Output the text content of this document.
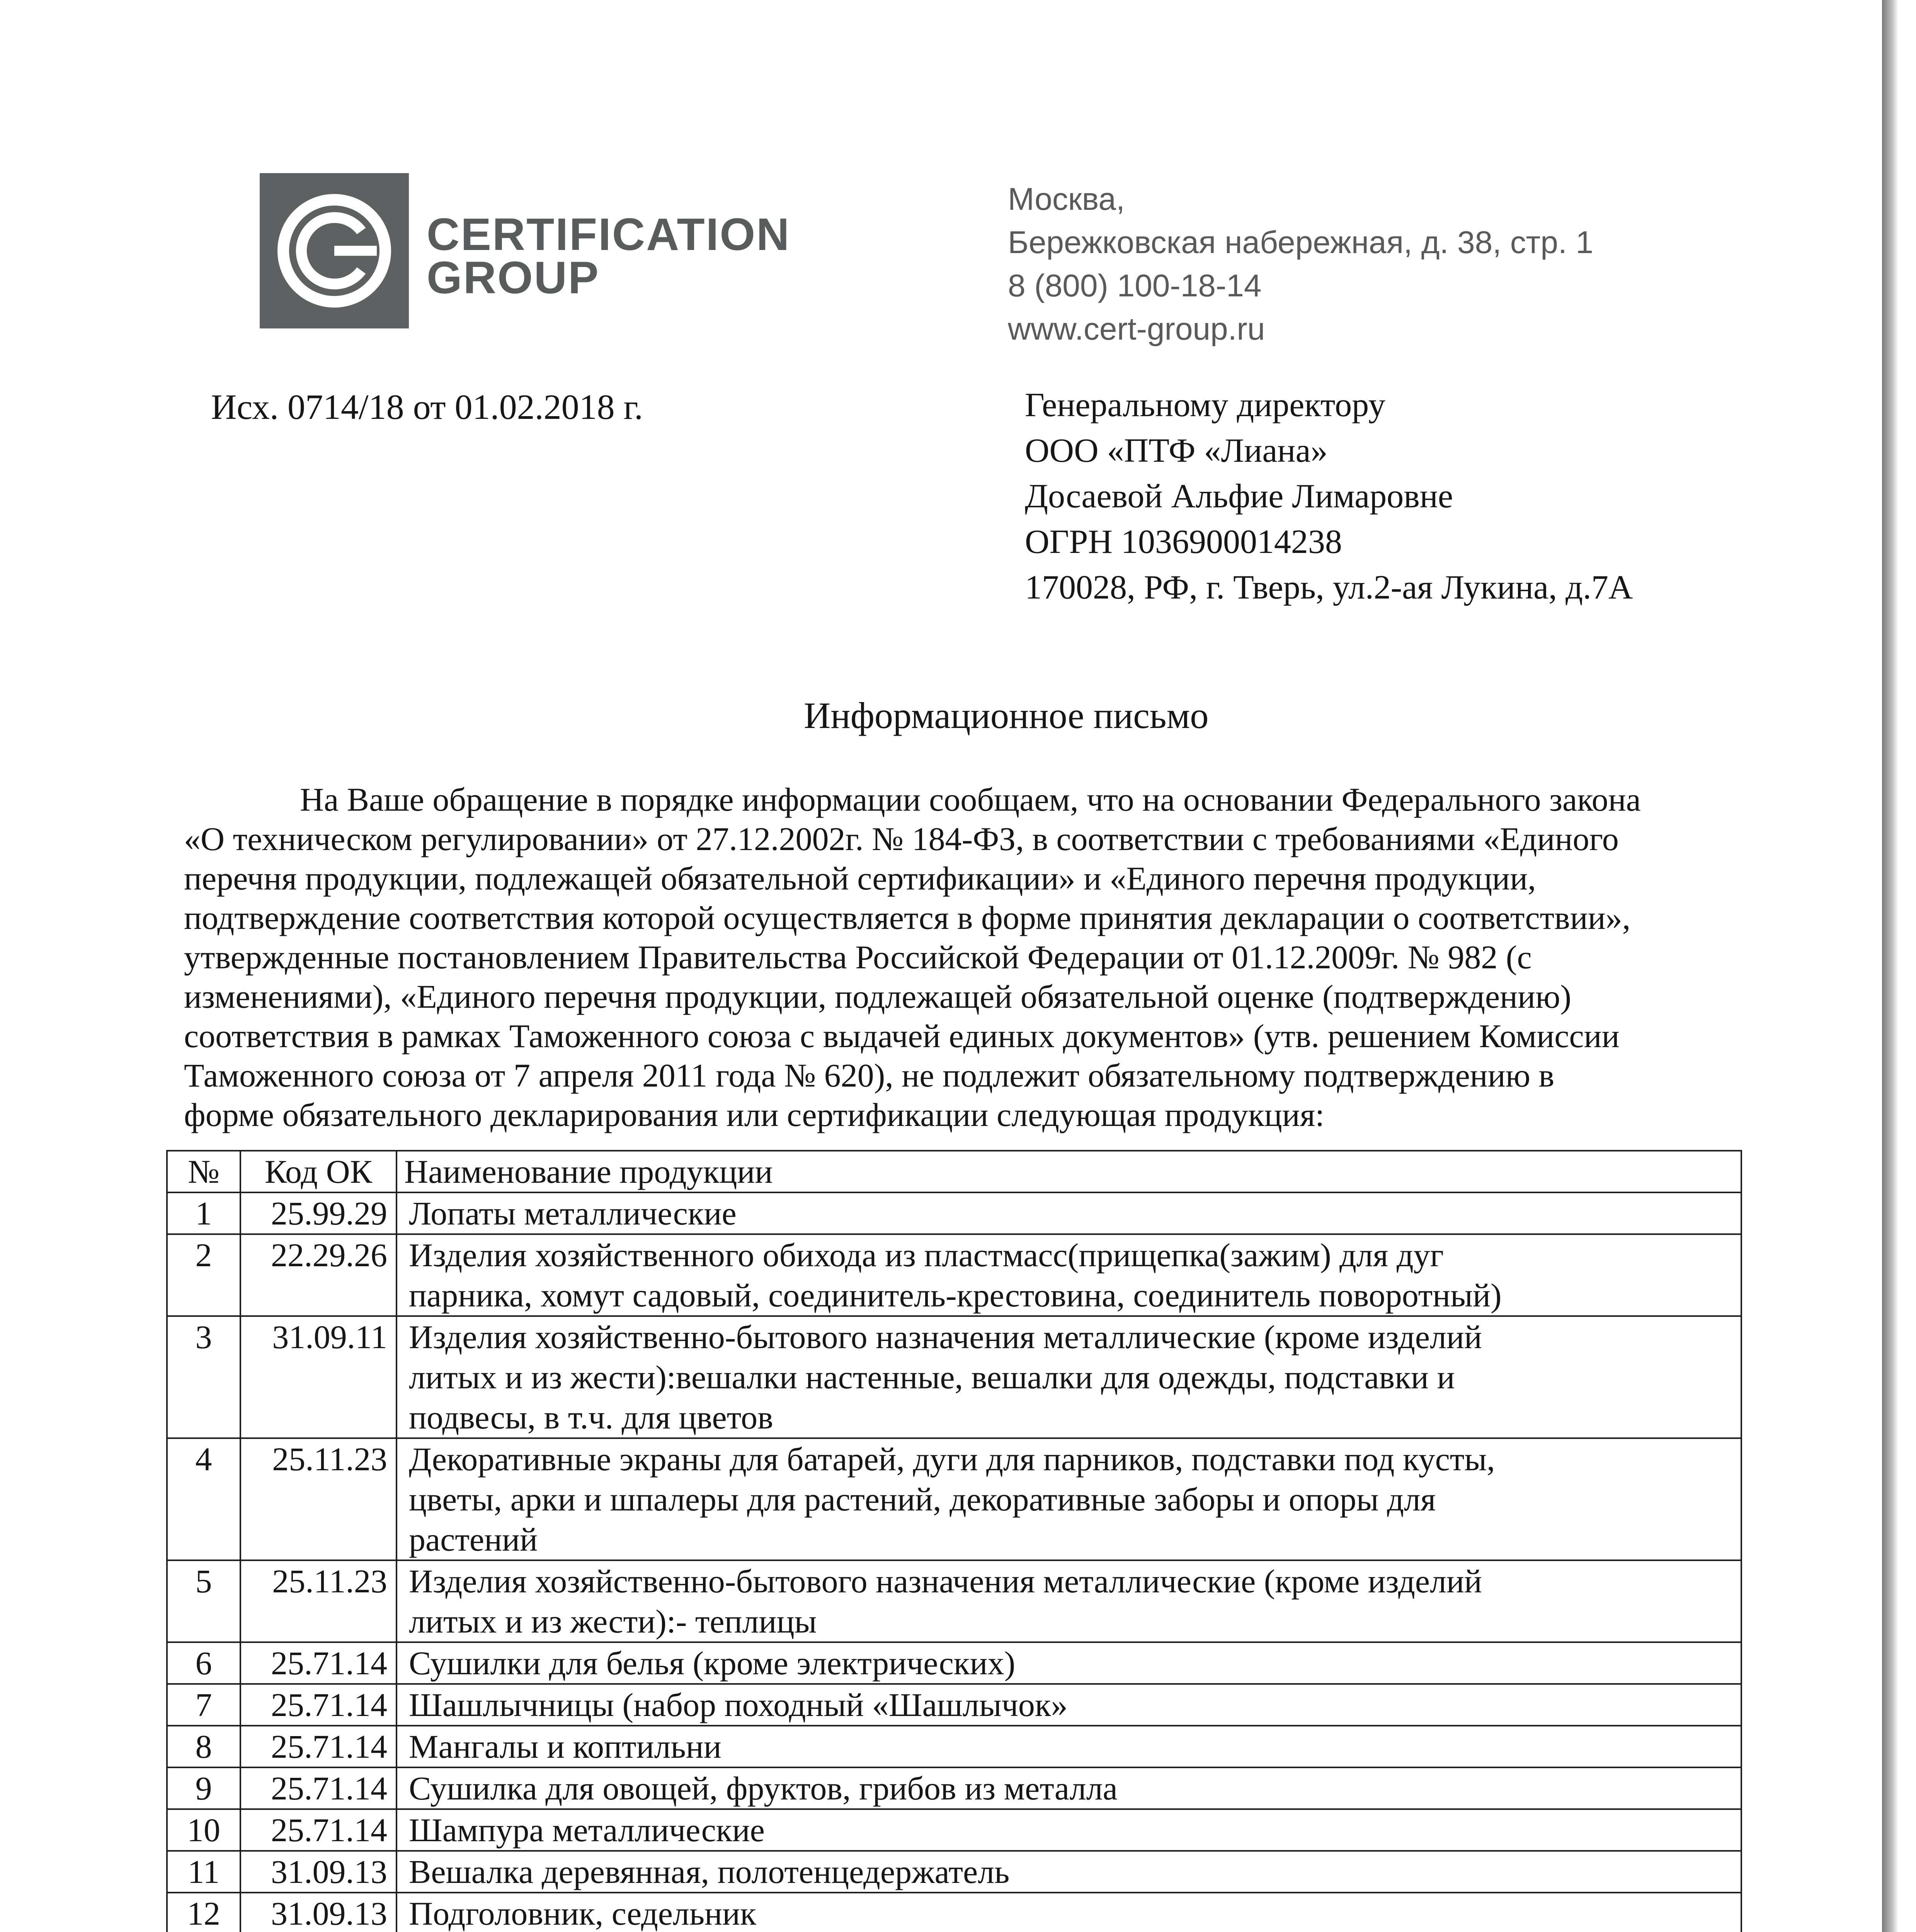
CERTIFICATION
GROUP
Москва,
Бережковская набережная, д. 38, стр. 1
8 (800) 100-18-14
www.cert-group.ru
Исх. 0714/18 от 01.02.2018 г.	Генеральному директору
ООО «ПТФ «Лиана»
Досаевой Альфие Лимаровне
ОГРН 1036900014238
170028, РФ, г. Тверь, ул.2-ая Лукина, д.7А
Информационное письмо
На Ваше обращение в порядке информации сообщаем, что на основании Федерального закона
«О техническом регулировании» от 27.12.2002г. № 184-ФЗ, в соответствии с требованиями «Единого
перечня продукции, подлежащей обязательной сертификации» и «Единого перечня продукции,
подтверждение соответствия которой осуществляется в форме принятия декларации о соответствии»,
утвержденные постановлением Правительства Российской Федерации от 01.12.2009г. № 982 (с
изменениями), «Единого перечня продукции, подлежащей обязательной оценке (подтверждению)
соответствия в рамках Таможенного союза с выдачей единых документов» (утв. решением Комиссии
Таможенного союза от 7 апреля 2011 года № 620), не подлежит обязательному подтверждению в
форме обязательного декларирования или сертификации следующая продукция:
№	Код ОК	Наименование продукции
1	25.99.29	Лопаты металлические

2	22.29.26	Изделия хозяйственного обихода из пластмасс(прищепка(зажим) для дуг
парника, хомут садовый, соединитель-крестовина, соединитель поворотный)

3	31.09.11	Изделия хозяйственно-бытового назначения металлические (кроме изделий
литых и из жести):вешалки настенные, вешалки для одежды, подставки и
подвесы, в т.ч. для цветов

4	25.11.23	Декоративные экраны для батарей, дуги для парников, подставки под кусты,
цветы, арки и шпалеры для растений, декоративные заборы и опоры для
растений

5	25.11.23	Изделия хозяйственно-бытового назначения металлические (кроме изделий
литых и из жести):- теплицы

6	25.71.14	Сушилки для белья (кроме электрических)

7	25.71.14	Шашлычницы (набор походный «Шашлычок»

8	25.71.14	Мангалы и коптильни

9	25.71.14	Сушилка для овощей, фруктов, грибов из металла

10	25.71.14	Шампура металлические

11	31.09.13	Вешалка деревянная, полотенцедержатель

12	31.09.13	Подголовник, седельник
